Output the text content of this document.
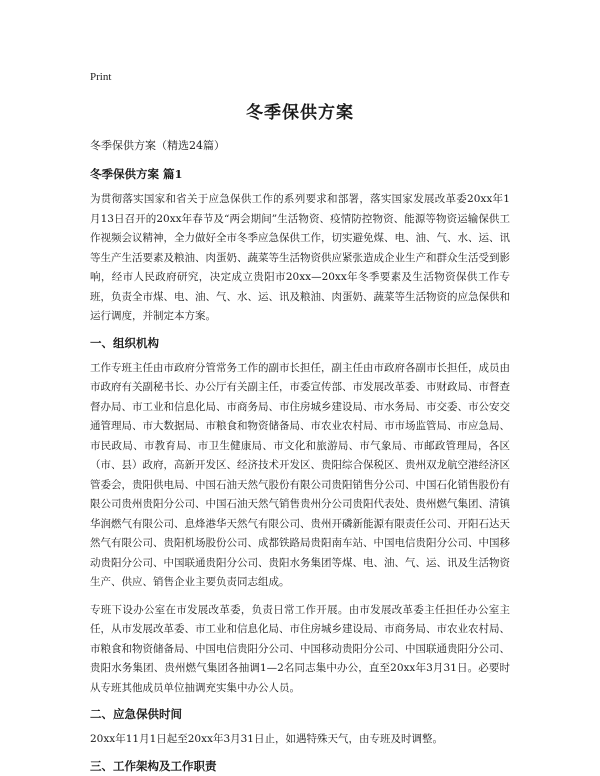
Print
冬季保供方案
冬季保供方案（精选24篇）
冬季保供方案 篇1

为贯彻落实国家和省关于应急保供工作的系列要求和部署，落实国家发展改革委20xx年1月13日召开的20xx年春节及“两会期间”生活物资、疫情防控物资、能源等物资运输保供工作视频会议精神，全力做好全市冬季应急保供工作，切实避免煤、电、油、气、水、运、讯等生产生活要素及粮油、肉蛋奶、蔬菜等生活物资供应紧张造成企业生产和群众生活受到影响，经市人民政府研究，决定成立贵阳市20xx—20xx年冬季要素及生活物资保供工作专班，负责全市煤、电、油、气、水、运、讯及粮油、肉蛋奶、蔬菜等生活物资的应急保供和运行调度，并制定本方案。

一、组织机构

工作专班主任由市政府分管常务工作的副市长担任，副主任由市政府各副市长担任，成员由市政府有关副秘书长、办公厅有关副主任，市委宣传部、市发展改革委、市财政局、市督查督办局、市工业和信息化局、市商务局、市住房城乡建设局、市水务局、市交委、市公安交通管理局、市大数据局、市粮食和物资储备局、市农业农村局、市市场监管局、市应急局、市民政局、市教育局、市卫生健康局、市文化和旅游局、市气象局、市邮政管理局，各区（市、县）政府，高新开发区、经济技术开发区、贵阳综合保税区、贵州双龙航空港经济区管委会，贵阳供电局、中国石油天然气股份有限公司贵阳销售分公司、中国石化销售股份有限公司贵州贵阳分公司、中国石油天然气销售贵州分公司贵阳代表处、贵州燃气集团、清镇华润燃气有限公司、息烽港华天然气有限公司、贵州开磷新能源有限责任公司、开阳石达天然气有限公司、贵阳机场股份公司、成都铁路局贵阳南车站、中国电信贵阳分公司、中国移动贵阳分公司、中国联通贵阳分公司、贵阳水务集团等煤、电、油、气、运、讯及生活物资生产、供应、销售企业主要负责同志组成。

专班下设办公室在市发展改革委，负责日常工作开展。由市发展改革委主任担任办公室主任，从市发展改革委、市工业和信息化局、市住房城乡建设局、市商务局、市农业农村局、市粮食和物资储备局、中国电信贵阳分公司、中国移动贵阳分公司、中国联通贵阳分公司、贵阳水务集团、贵州燃气集团各抽调1—2名同志集中办公，直至20xx年3月31日。必要时从专班其他成员单位抽调充实集中办公人员。

二、应急保供时间

20xx年11月1日起至20xx年3月31日止，如遇特殊天气，由专班及时调整。

三、工作架构及工作职责
